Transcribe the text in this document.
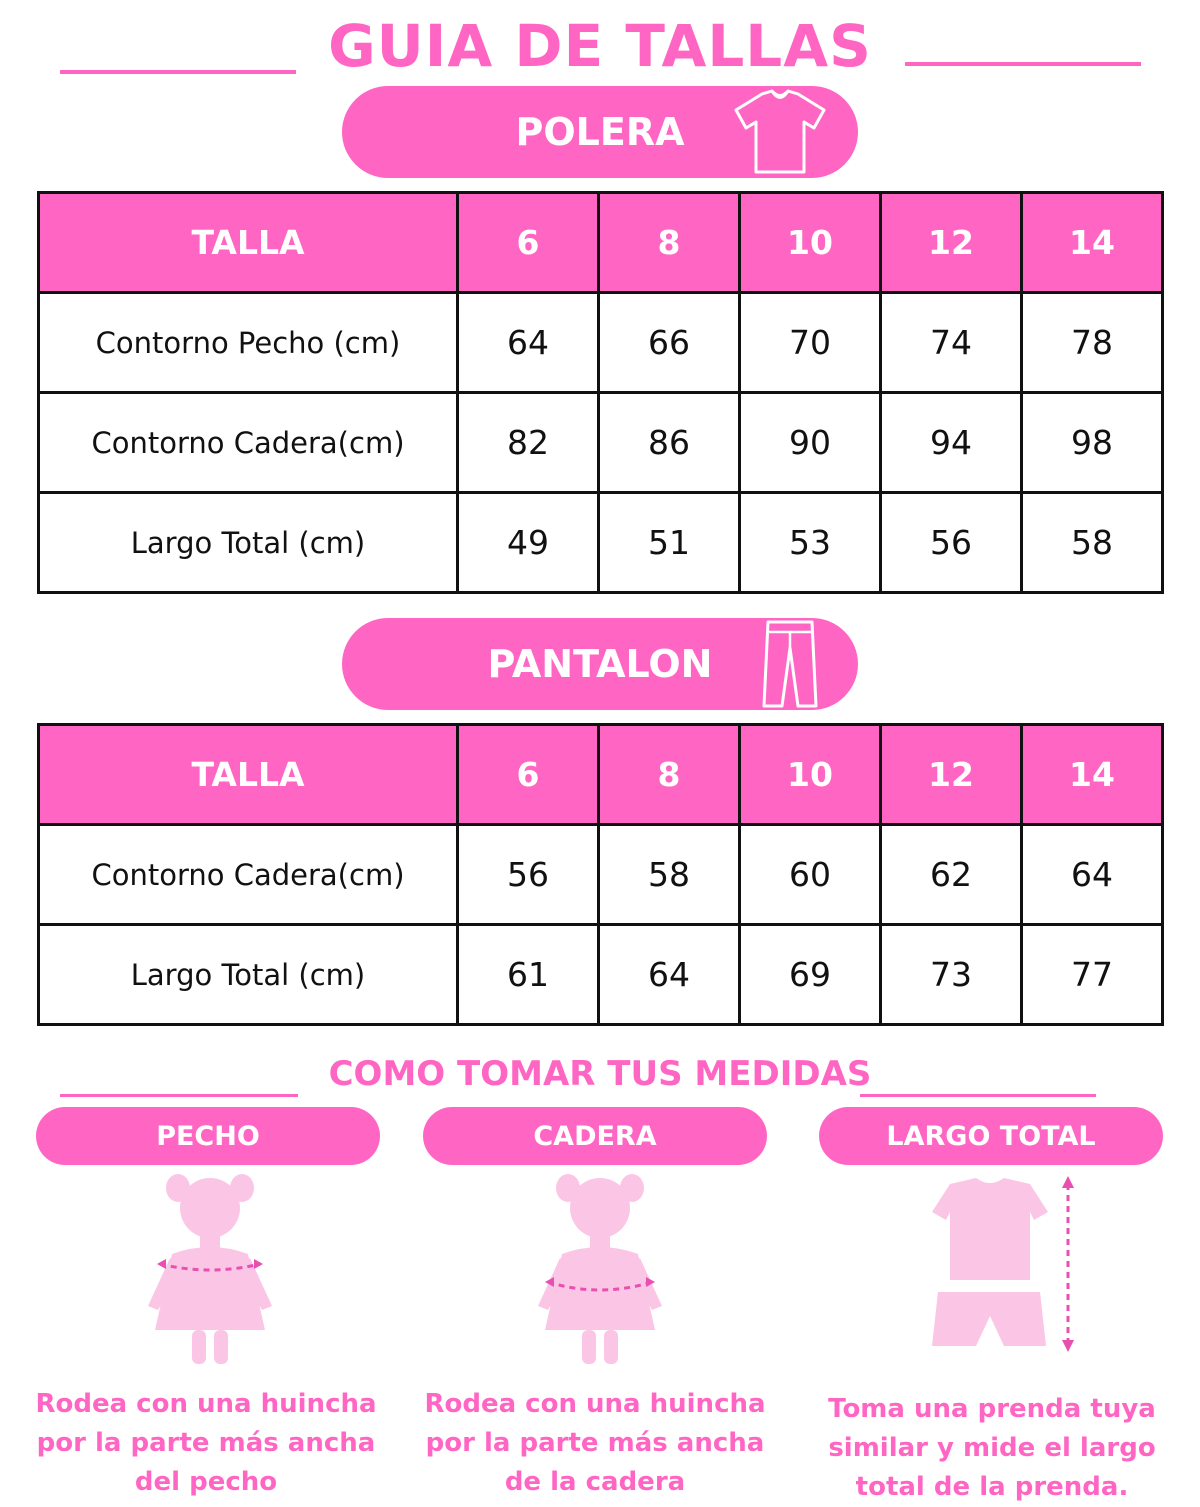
GUIA DE TALLAS
POLERA
TALLA	6	8	10	12	14
Contorno Pecho (cm)	64	66	70	74	78
Contorno Cadera(cm)	82	86	90	94	98
Largo Total (cm)	49	51	53	56	58
PANTALON
TALLA	6	8	10	12	14
Contorno Cadera(cm)	56	58	60	62	64
Largo Total (cm)	61	64	69	73	77
COMO TOMAR TUS MEDIDAS
PECHO	CADERA	LARGO TOTAL
Rodea con una huincha
por la parte más ancha
del pecho
Rodea con una huincha
por la parte más ancha
de la cadera
Toma una prenda tuya
similar y mide el largo
total de la prenda.
